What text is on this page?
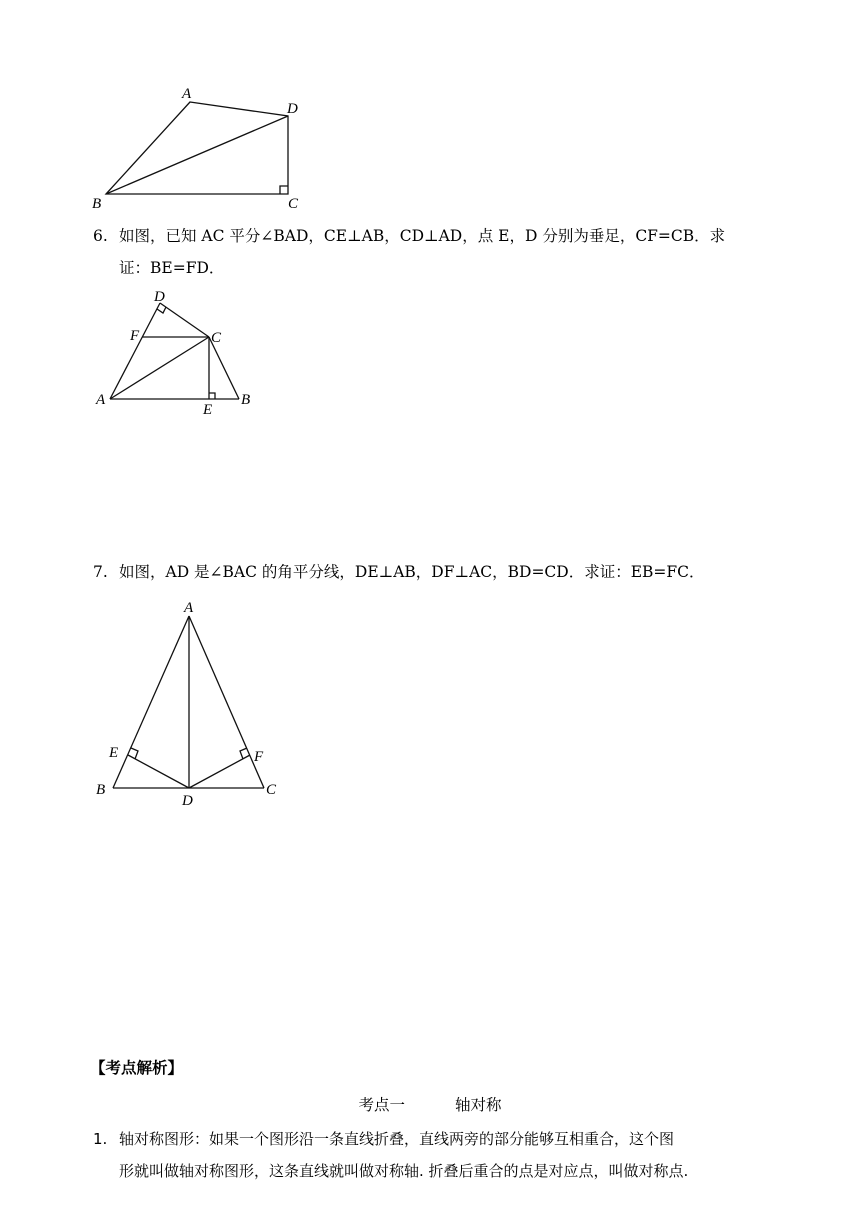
A
D
B	C
6. 如图，已知 AC 平分∠BAD，CE⊥AB，CD⊥AD，点 E，D 分别为垂足，CF=CB．求
证：BE=FD．
D
F	C
A
E
B
7. 如图，AD 是∠BAC 的角平分线，DE⊥AB，DF⊥AC，BD=CD．求证：EB=FC．
A
E	F
B
D
C
【考点解析】
考点一	轴对称
1. 轴对称图形：如果一个图形沿一条直线折叠，直线两旁的部分能够互相重合，这个图
形就叫做轴对称图形，这条直线就叫做对称轴. 折叠后重合的点是对应点，叫做对称点.
